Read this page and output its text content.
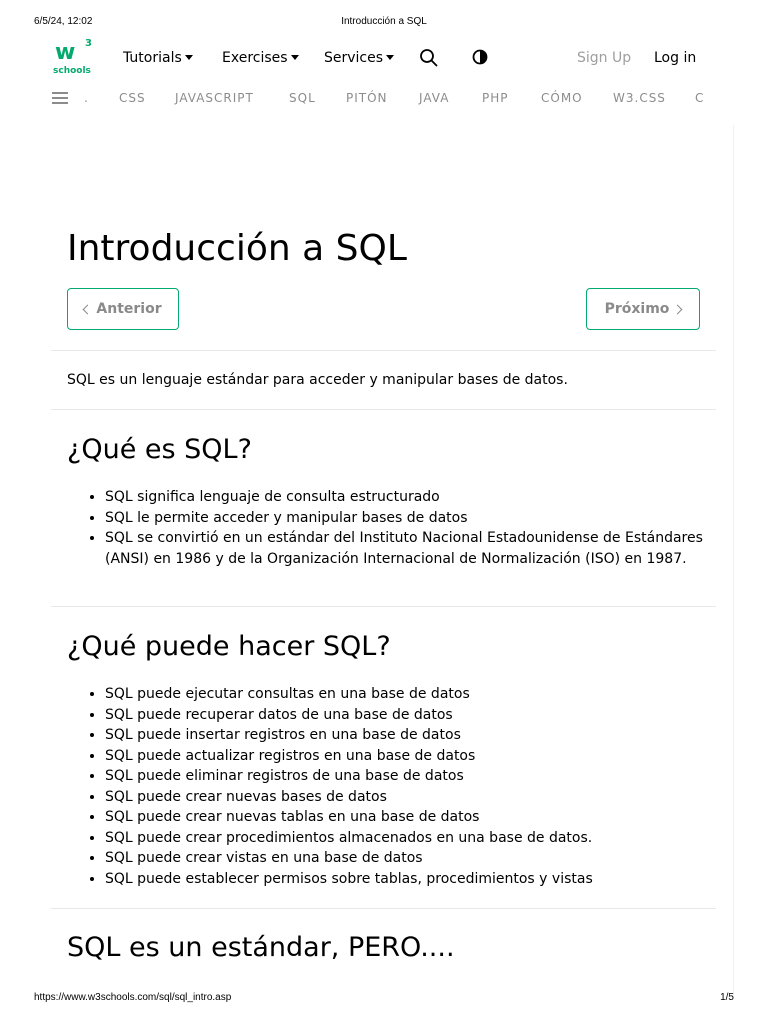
6/5/24, 12:02	Introducción a SQL
w 3
schools
Tutorials	Exercises	Services	Sign Up Log in
.	CSS JAVASCRIPT	SQL	PITÓN	JAVA	PHP	CÓMO	W3.CSS C
Introducción a SQL
Anterior	Próximo

SQL es un lenguaje estándar para acceder y manipular bases de datos.

¿Qué es SQL?
• SQL significa lenguaje de consulta estructurado
• SQL le permite acceder y manipular bases de datos
• SQL se convirtió en un estándar del Instituto Nacional Estadounidense de Estándares (ANSI) en 1986 y de la Organización Internacional de Normalización (ISO) en 1987.
¿Qué puede hacer SQL?
• SQL puede ejecutar consultas en una base de datos
• SQL puede recuperar datos de una base de datos
• SQL puede insertar registros en una base de datos
• SQL puede actualizar registros en una base de datos
• SQL puede eliminar registros de una base de datos
• SQL puede crear nuevas bases de datos
• SQL puede crear nuevas tablas en una base de datos
• SQL puede crear procedimientos almacenados en una base de datos.
• SQL puede crear vistas en una base de datos
• SQL puede establecer permisos sobre tablas, procedimientos y vistas
SQL es un estándar, PERO....
https://www.w3schools.com/sql/sql_intro.asp	1/5
